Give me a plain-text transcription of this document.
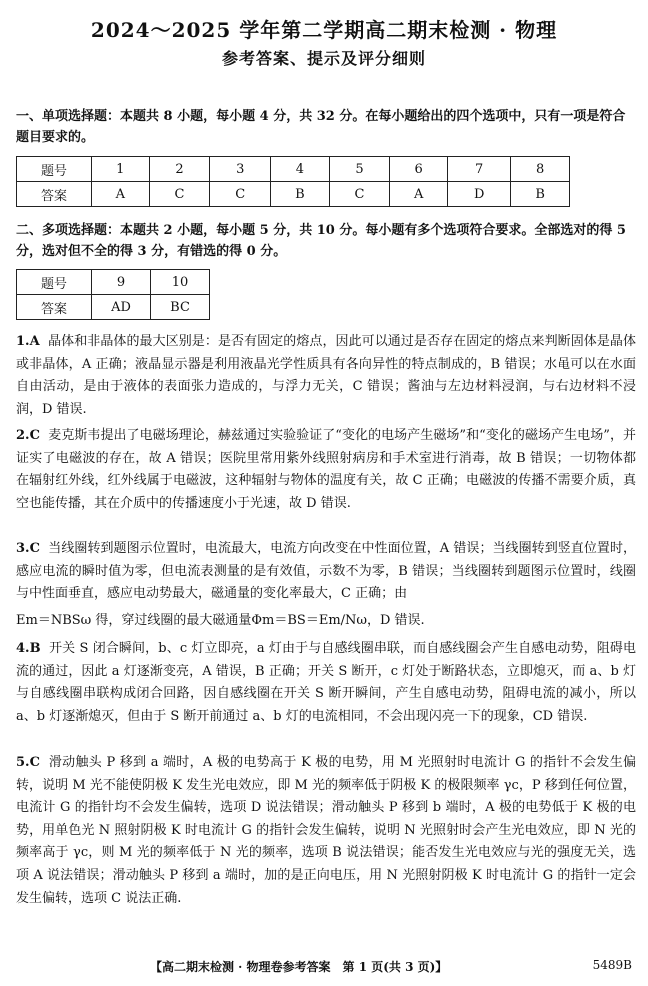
2024～2025 学年第二学期高二期末检测 · 物理
参考答案、提示及评分细则
一、单项选择题：本题共 8 小题，每小题 4 分，共 32 分。在每小题给出的四个选项中，只有一项是符合题目要求的。
题号	1	2	3	4	5	6	7	8
答案	A	C	C	B	C	A	D	B
二、多项选择题：本题共 2 小题，每小题 5 分，共 10 分。每小题有多个选项符合要求。全部选对的得 5 分，选对但不全的得 3 分，有错选的得 0 分。
题号	9	10
答案	AD	BC
1.A 晶体和非晶体的最大区别是：是否有固定的熔点，因此可以通过是否存在固定的熔点来判断固体是晶体或非晶体，A 正确；液晶显示器是利用液晶光学性质具有各向异性的特点制成的，B 错误；水黾可以在水面自由活动，是由于液体的表面张力造成的，与浮力无关，C 错误；酱油与左边材料浸润，与右边材料不浸润，D 错误.
2.C 麦克斯韦提出了电磁场理论，赫兹通过实验验证了“变化的电场产生磁场”和“变化的磁场产生电场”，并证实了电磁波的存在，故 A 错误；医院里常用紫外线照射病房和手术室进行消毒，故 B 错误；一切物体都在辐射红外线，红外线属于电磁波，这种辐射与物体的温度有关，故 C 正确；电磁波的传播不需要介质，真空也能传播，其在介质中的传播速度小于光速，故 D 错误.
3.C 当线圈转到题图示位置时，电流最大，电流方向改变在中性面位置，A 错误；当线圈转到竖直位置时，感应电流的瞬时值为零，但电流表测量的是有效值，示数不为零，B 错误；当线圈转到题图示位置时，线圈与中性面垂直，感应电动势最大，磁通量的变化率最大，C 正确；由
Em＝NBSω 得，穿过线圈的最大磁通量Φm＝BS＝Em/Nω，D 错误.
4.B 开关 S 闭合瞬间，b、c 灯立即亮，a 灯由于与自感线圈串联，而自感线圈会产生自感电动势，阻碍电流的通过，因此 a 灯逐渐变亮，A 错误，B 正确；开关 S 断开，c 灯处于断路状态，立即熄灭，而 a、b 灯与自感线圈串联构成闭合回路，因自感线圈在开关 S 断开瞬间，产生自感电动势，阻碍电流的减小，所以 a、b 灯逐渐熄灭，但由于 S 断开前通过 a、b 灯的电流相同，不会出现闪亮一下的现象，CD 错误.
5.C 滑动触头 P 移到 a 端时，A 极的电势高于 K 极的电势，用 M 光照射时电流计 G 的指针不会发生偏转，说明 M 光不能使阴极 K 发生光电效应，即 M 光的频率低于阴极 K 的极限频率 γc，P 移到任何位置，电流计 G 的指针均不会发生偏转，选项 D 说法错误；滑动触头 P 移到 b 端时，A 极的电势低于 K 极的电势，用单色光 N 照射阴极 K 时电流计 G 的指针会发生偏转，说明 N 光照射时会产生光电效应，即 N 光的频率高于 γc，则 M 光的频率低于 N 光的频率，选项 B 说法错误；能否发生光电效应与光的强度无关，选项 A 说法错误；滑动触头 P 移到 a 端时，加的是正向电压，用 N 光照射阴极 K 时电流计 G 的指针一定会发生偏转，选项 C 说法正确.
【高二期末检测 · 物理卷参考答案　第 1 页(共 3 页)】	5489B
